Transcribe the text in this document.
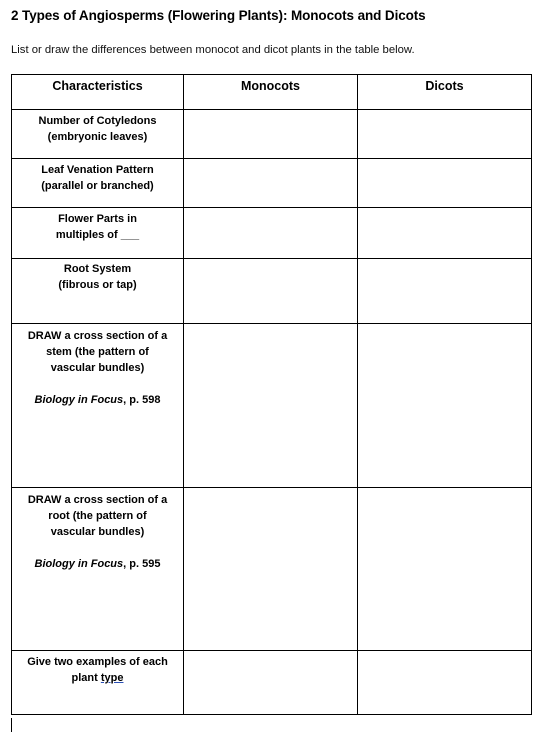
2 Types of Angiosperms (Flowering Plants): Monocots and Dicots
List or draw the differences between monocot and dicot plants in the table below.
Characteristics	Monocots	Dicots

Number of Cotyledons
(embryonic leaves)		

Leaf Venation Pattern
(parallel or branched)		

Flower Parts in
multiples of ___		

Root System
(fibrous or tap)		

DRAW a cross section of a
stem (the pattern of
vascular bundles)
Biology in Focus, p. 598		

DRAW a cross section of a
root (the pattern of
vascular bundles)
Biology in Focus, p. 595		

Give two examples of each
plant type		
